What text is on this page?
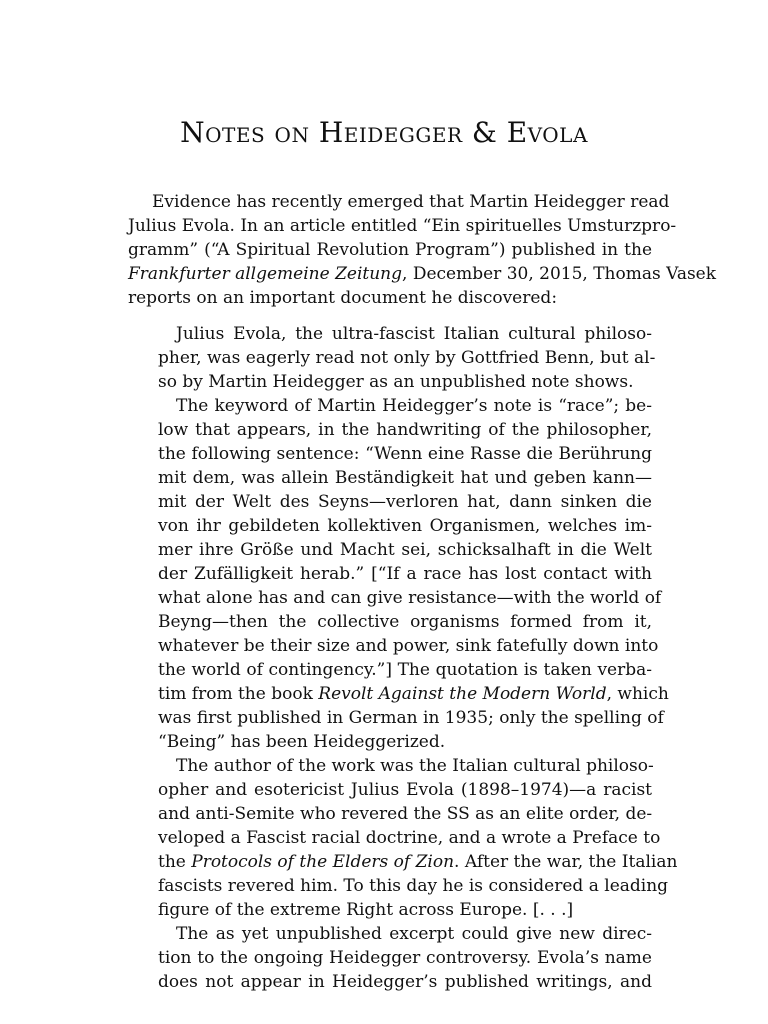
Notes on Heidegger & Evola
Evidence has recently emerged that Martin Heidegger read
Julius Evola. In an article entitled “Ein spirituelles Umsturzpro-
gramm” (“A Spiritual Revolution Program”) published in the
Frankfurter allgemeine Zeitung, December 30, 2015, Thomas Vasek
reports on an important document he discovered:
Julius Evola, the ultra-fascist Italian cultural philoso-
pher, was eagerly read not only by Gottfried Benn, but al-
so by Martin Heidegger as an unpublished note shows.
The keyword of Martin Heidegger’s note is “race”; be-
low that appears, in the handwriting of the philosopher,
the following sentence: “Wenn eine Rasse die Berührung
mit dem, was allein Beständigkeit hat und geben kann—
mit der Welt des Seyns—verloren hat, dann sinken die
von ihr gebildeten kollektiven Organismen, welches im-
mer ihre Größe und Macht sei, schicksalhaft in die Welt
der Zufälligkeit herab.” [“If a race has lost contact with
what alone has and can give resistance—with the world of
Beyng—then the collective organisms formed from it,
whatever be their size and power, sink fatefully down into
the world of contingency.”] The quotation is taken verba-
tim from the book Revolt Against the Modern World, which
was first published in German in 1935; only the spelling of
“Being” has been Heideggerized.
The author of the work was the Italian cultural philoso-
opher and esotericist Julius Evola (1898–1974)—a racist
and anti-Semite who revered the SS as an elite order, de-
veloped a Fascist racial doctrine, and a wrote a Preface to
the Protocols of the Elders of Zion. After the war, the Italian
fascists revered him. To this day he is considered a leading
figure of the extreme Right across Europe. [. . .]
The as yet unpublished excerpt could give new direc-
tion to the ongoing Heidegger controversy. Evola’s name
does not appear in Heidegger’s published writings, and
